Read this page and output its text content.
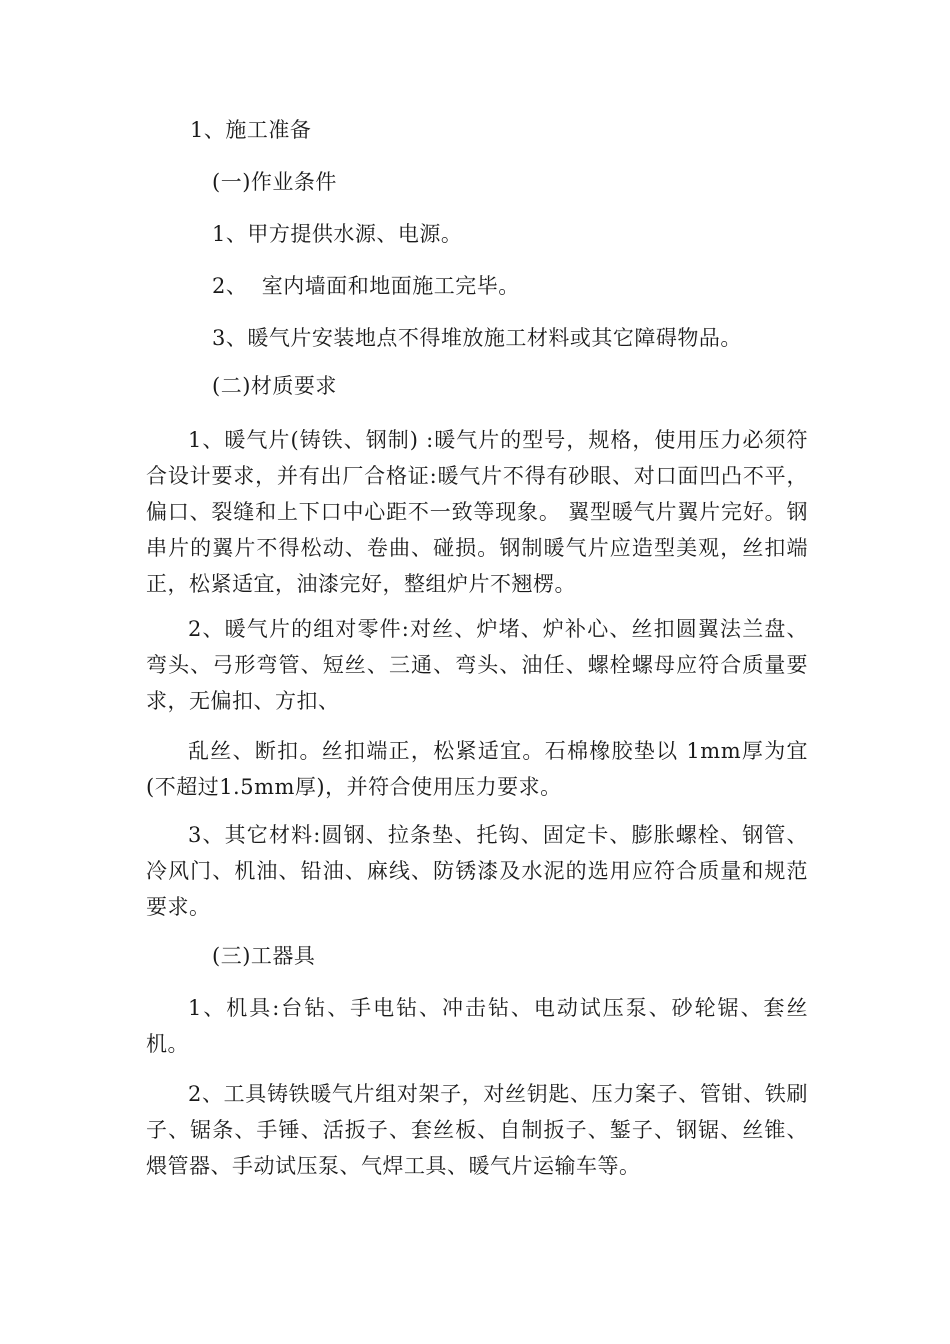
1、施工准备

(一)作业条件

1、甲方提供水源、电源。

2、  室内墙面和地面施工完毕。

3、暖气片安装地点不得堆放施工材料或其它障碍物品。

(二)材质要求

1、暖气片(铸铁、钢制) :暖气片的型号，规格，使用压力必须符合设计要求，并有出厂合格证:暖气片不得有砂眼、对口面凹凸不平，偏口、裂缝和上下口中心距不一致等现象。 翼型暖气片翼片完好。钢串片的翼片不得松动、卷曲、碰损。钢制暖气片应造型美观，丝扣端正，松紧适宜，油漆完好，整组炉片不翘楞。

2、暖气片的组对零件:对丝、炉堵、炉补心、丝扣圆翼法兰盘、弯头、弓形弯管、短丝、三通、弯头、油任、螺栓螺母应符合质量要求，无偏扣、方扣、

乱丝、断扣。丝扣端正，松紧适宜。石棉橡胶垫以 1mm厚为宜(不超过1.5mm厚)，并符合使用压力要求。

3、其它材料:圆钢、拉条垫、托钩、固定卡、膨胀螺栓、钢管、冷风门、机油、铅油、麻线、防锈漆及水泥的选用应符合质量和规范要求。

(三)工器具

1、机具:台钻、手电钻、冲击钻、电动试压泵、砂轮锯、套丝机。

2、工具铸铁暖气片组对架子，对丝钥匙、压力案子、管钳、铁刷子、锯条、手锤、活扳子、套丝板、自制扳子、錾子、钢锯、丝锥、煨管器、手动试压泵、气焊工具、暖气片运输车等。
